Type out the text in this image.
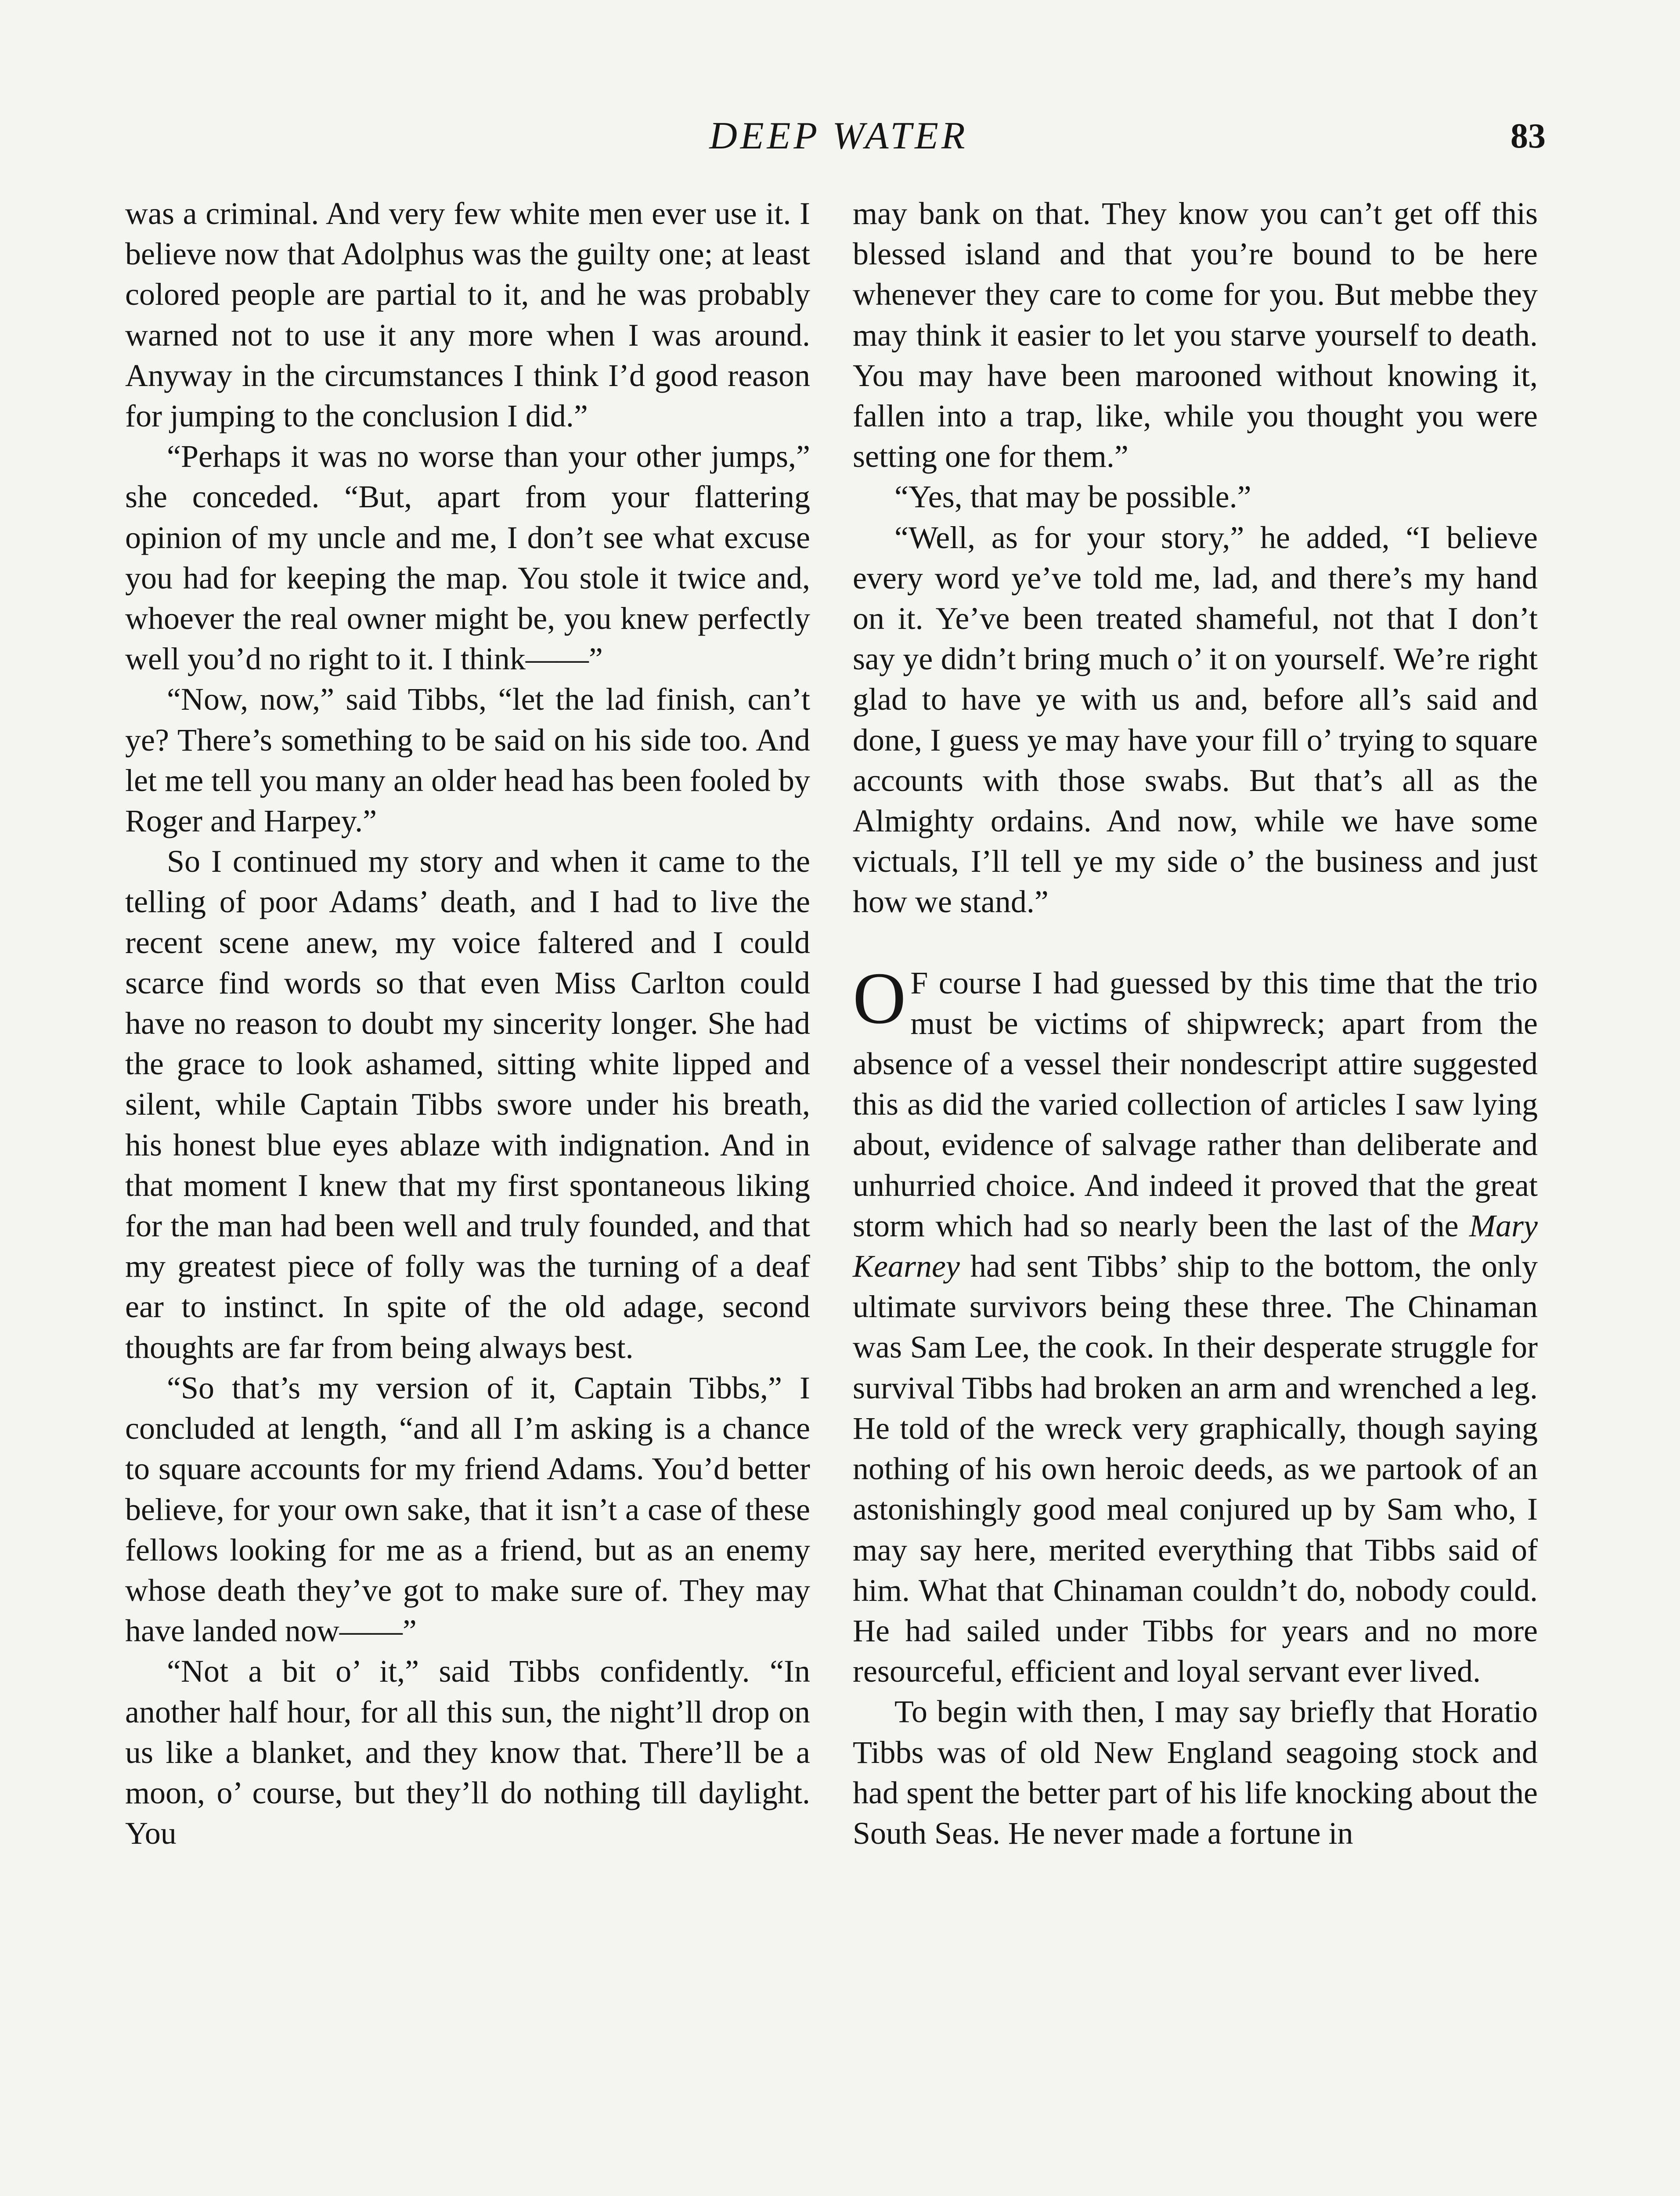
DEEP WATER	83

was a criminal. And very few white men ever use it. I believe now that Adolphus was the guilty one; at least colored people are partial to it, and he was probably warned not to use it any more when I was around. Anyway in the circumstances I think I’d good reason for jumping to the conclusion I did.”

“Perhaps it was no worse than your other jumps,” she conceded. “But, apart from your flattering opinion of my uncle and me, I don’t see what excuse you had for keeping the map. You stole it twice and, whoever the real owner might be, you knew perfectly well you’d no right to it. I think——”

“Now, now,” said Tibbs, “let the lad finish, can’t ye? There’s something to be said on his side too. And let me tell you many an older head has been fooled by Roger and Harpey.”

So I continued my story and when it came to the telling of poor Adams’ death, and I had to live the recent scene anew, my voice faltered and I could scarce find words so that even Miss Carlton could have no reason to doubt my sincerity longer. She had the grace to look ashamed, sitting white lipped and silent, while Captain Tibbs swore under his breath, his honest blue eyes ablaze with indignation. And in that moment I knew that my first spontaneous liking for the man had been well and truly founded, and that my greatest piece of folly was the turning of a deaf ear to instinct. In spite of the old adage, second thoughts are far from being always best.

“So that’s my version of it, Captain Tibbs,” I concluded at length, “and all I’m asking is a chance to square accounts for my friend Adams. You’d better believe, for your own sake, that it isn’t a case of these fellows looking for me as a friend, but as an enemy whose death they’ve got to make sure of. They may have landed now——”

“Not a bit o’ it,” said Tibbs confidently. “In another half hour, for all this sun, the night’ll drop on us like a blanket, and they know that. There’ll be a moon, o’ course, but they’ll do nothing till daylight. You

may bank on that. They know you can’t get off this blessed island and that you’re bound to be here whenever they care to come for you. But mebbe they may think it easier to let you starve yourself to death. You may have been marooned without knowing it, fallen into a trap, like, while you thought you were setting one for them.”

“Yes, that may be possible.”

“Well, as for your story,” he added, “I believe every word ye’ve told me, lad, and there’s my hand on it. Ye’ve been treated shameful, not that I don’t say ye didn’t bring much o’ it on yourself. We’re right glad to have ye with us and, before all’s said and done, I guess ye may have your fill o’ trying to square accounts with those swabs. But that’s all as the Almighty ordains. And now, while we have some victuals, I’ll tell ye my side o’ the business and just how we stand.”

O F course I had guessed by this time that the trio must be victims of shipwreck; apart from the absence of a vessel their nondescript attire suggested this as did the varied collection of articles I saw lying about, evidence of salvage rather than deliberate and unhurried choice. And indeed it proved that the great storm which had so nearly been the last of the Mary Kearney had sent Tibbs’ ship to the bottom, the only ultimate survivors being these three. The Chinaman was Sam Lee, the cook. In their desperate struggle for survival Tibbs had broken an arm and wrenched a leg. He told of the wreck very graphically, though saying nothing of his own heroic deeds, as we partook of an astonishingly good meal conjured up by Sam who, I may say here, merited everything that Tibbs said of him. What that Chinaman couldn’t do, nobody could. He had sailed under Tibbs for years and no more resourceful, efficient and loyal servant ever lived.

To begin with then, I may say briefly that Horatio Tibbs was of old New England seagoing stock and had spent the better part of his life knocking about the South Seas. He never made a fortune in
